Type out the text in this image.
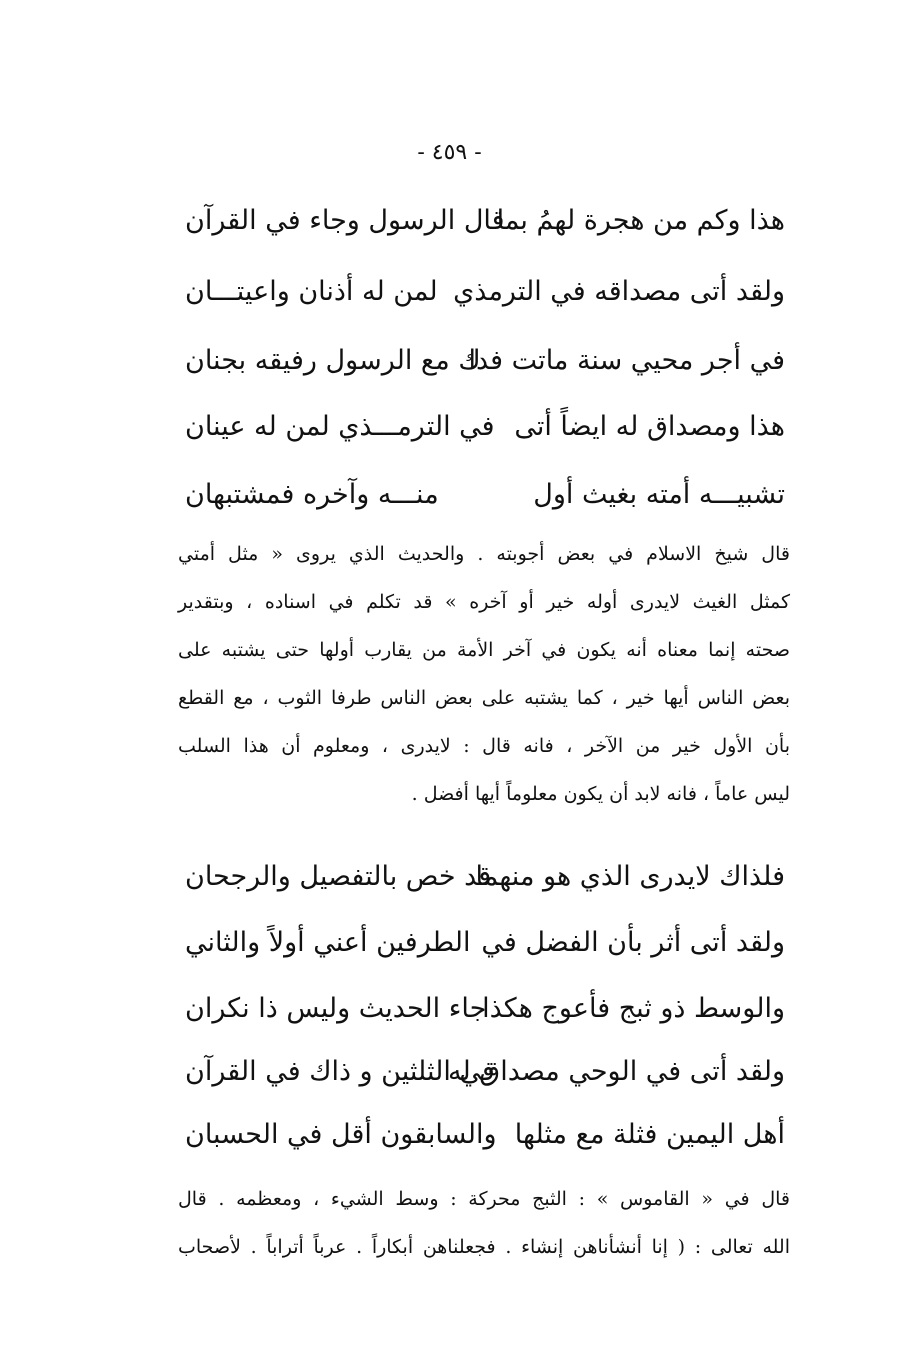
- ٤٥٩ -
هذا وكم من هجرة لهمُ بما
قال الرسول وجاء في القرآن
ولقد أتى مصداقه في الترمذي
لمن له أذنان واعيتـــان
في أجر محيي سنة ماتت فدا
ك مع الرسول رفيقه بجنان
هذا ومصداق له ايضاً أتى
في الترمـــذي لمن له عينان
تشبيـــه أمته بغيث أول
منـــه وآخره فمشتبهان
قال شيخ الاسلام في بعض أجوبته . والحديث الذي يروى « مثل أمتي
كمثل الغيث لايدرى أوله خير أو آخره » قد تكلم في اسناده ، وبتقدير
صحته إنما معناه أنه يكون في آخر الأمة من يقارب أولها حتى يشتبه على
بعض الناس أيها خير ، كما يشتبه على بعض الناس طرفا الثوب ، مع القطع
بأن الأول خير من الآخر ، فانه قال : لايدرى ، ومعلوم أن هذا السلب
ليس عاماً ، فانه لابد أن يكون معلوماً أيها أفضل .
فلذاك لايدرى الذي هو منهما
قد خص بالتفصيل والرجحان
ولقد أتى أثر بأن الفضل في
الطرفين أعني أولاً والثاني
والوسط ذو ثبج فأعوج هكذا
جاء الحديث وليس ذا نكران
ولقد أتى في الوحي مصداق له
في الثلثين و ذاك في القرآن
أهل اليمين فثلة مع مثلها
والسابقون أقل في الحسبان
قال في « القاموس » : الثبج محركة : وسط الشيء ، ومعظمه . قال
الله تعالى : ( إنا أنشأناهن إنشاء . فجعلناهن أبكاراً . عرباً أتراباً . لأصحاب
